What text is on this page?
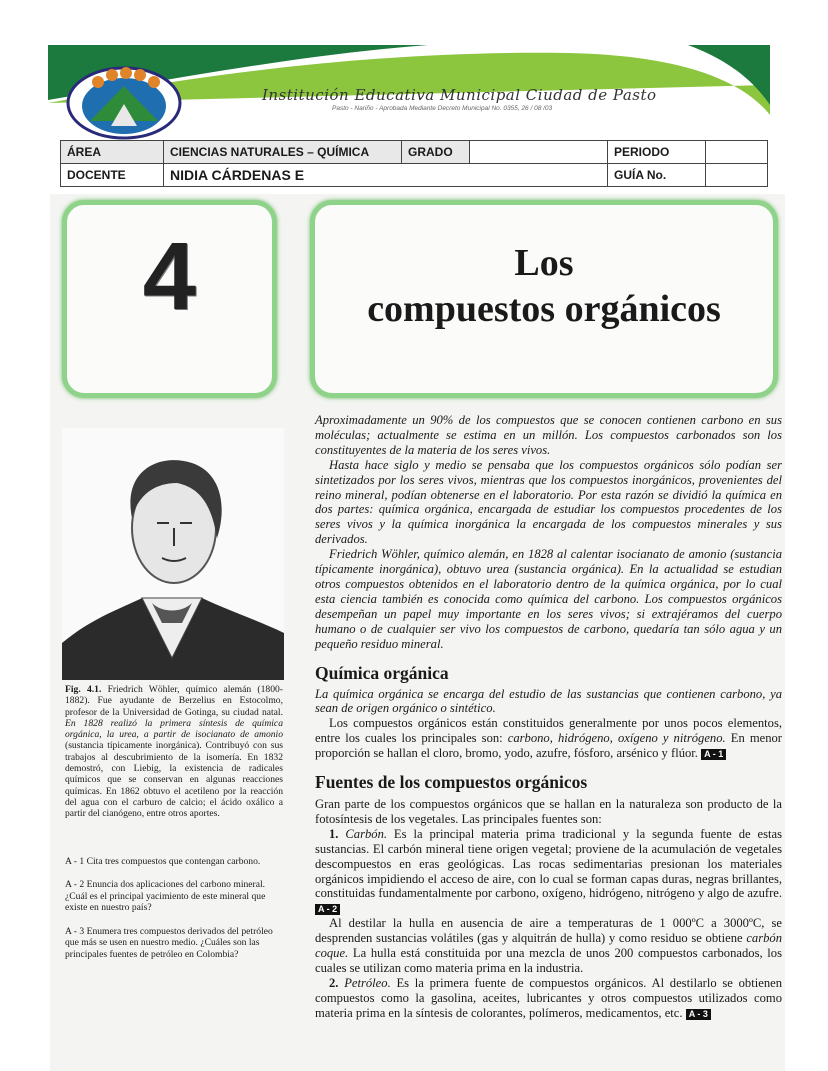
Institución Educativa Municipal Ciudad de Pasto
Pasto - Nariño - Aprobada Mediante Decreto Municipal No. 0355, 26 / 08 /03
ÁREA	CIENCIAS NATURALES – QUÍMICA	GRADO		PERIODO	
DOCENTE	NIDIA CÁRDENAS E			GUÍA No.	
4	Los
compuestos orgánicos
Fig. 4.1. Friedrich Wöhler, químico alemán (1800-1882). Fue ayudante de Berzelius en Estocolmo, profesor de la Universidad de Gotinga, su ciudad natal. En 1828 realizó la primera síntesis de química orgánica, la urea, a partir de isocianato de amonio (sustancia típicamente inorgánica). Contribuyó con sus trabajos al descubrimiento de la isomería. En 1832 demostró, con Liebig, la existencia de radicales químicos que se conservan en algunas reacciones químicas. En 1862 obtuvo el acetileno por la reacción del agua con el carburo de calcio; el ácido oxálico a partir del cianógeno, entre otros aportes.
A - 1 Cita tres compuestos que contengan carbono.
A - 2 Enuncia dos aplicaciones del carbono mineral. ¿Cuál es el principal yacimiento de este mineral que existe en nuestro país?
A - 3 Enumera tres compuestos derivados del petróleo que más se usen en nuestro medio. ¿Cuáles son las principales fuentes de petróleo en Colombia?

Aproximadamente un 90% de los compuestos que se conocen contienen carbono en sus moléculas; actualmente se estima en un millón. Los compuestos carbonados son los constituyentes de la materia de los seres vivos.

Hasta hace siglo y medio se pensaba que los compuestos orgánicos sólo podían ser sintetizados por los seres vivos, mientras que los compuestos inorgánicos, provenientes del reino mineral, podían obtenerse en el laboratorio. Por esta razón se dividió la química en dos partes: química orgánica, encargada de estudiar los compuestos procedentes de los seres vivos y la química inorgánica la encargada de los compuestos minerales y sus derivados.

Friedrich Wöhler, químico alemán, en 1828 al calentar isocianato de amonio (sustancia típicamente inorgánica), obtuvo urea (sustancia orgánica). En la actualidad se estudian otros compuestos obtenidos en el laboratorio dentro de la química orgánica, por lo cual esta ciencia también es conocida como química del carbono. Los compuestos orgánicos desempeñan un papel muy importante en los seres vivos; si extrajéramos del cuerpo humano o de cualquier ser vivo los compuestos de carbono, quedaría tan sólo agua y un pequeño residuo mineral.

Química orgánica

La química orgánica se encarga del estudio de las sustancias que contienen carbono, ya sean de origen orgánico o sintético.

Los compuestos orgánicos están constituidos generalmente por unos pocos elementos, entre los cuales los principales son: carbono, hidrógeno, oxígeno y nitrógeno. En menor proporción se hallan el cloro, bromo, yodo, azufre, fósforo, arsénico y flúor. A - 1

Fuentes de los compuestos orgánicos

Gran parte de los compuestos orgánicos que se hallan en la naturaleza son producto de la fotosíntesis de los vegetales. Las principales fuentes son:

1. Carbón. Es la principal materia prima tradicional y la segunda fuente de estas sustancias. El carbón mineral tiene origen vegetal; proviene de la acumulación de vegetales descompuestos en eras geológicas. Las rocas sedimentarias presionan los materiales orgánicos impidiendo el acceso de aire, con lo cual se forman capas duras, negras brillantes, constituidas fundamentalmente por carbono, oxígeno, hidrógeno, nitrógeno y algo de azufre. A - 2

Al destilar la hulla en ausencia de aire a temperaturas de 1 000ºC a 3000ºC, se desprenden sustancias volátiles (gas y alquitrán de hulla) y como residuo se obtiene carbón coque. La hulla está constituida por una mezcla de unos 200 compuestos carbonados, los cuales se utilizan como materia prima en la industria.

2. Petróleo. Es la primera fuente de compuestos orgánicos. Al destilarlo se obtienen compuestos como la gasolina, aceites, lubricantes y otros compuestos utilizados como materia prima en la síntesis de colorantes, polímeros, medicamentos, etc. A - 3
